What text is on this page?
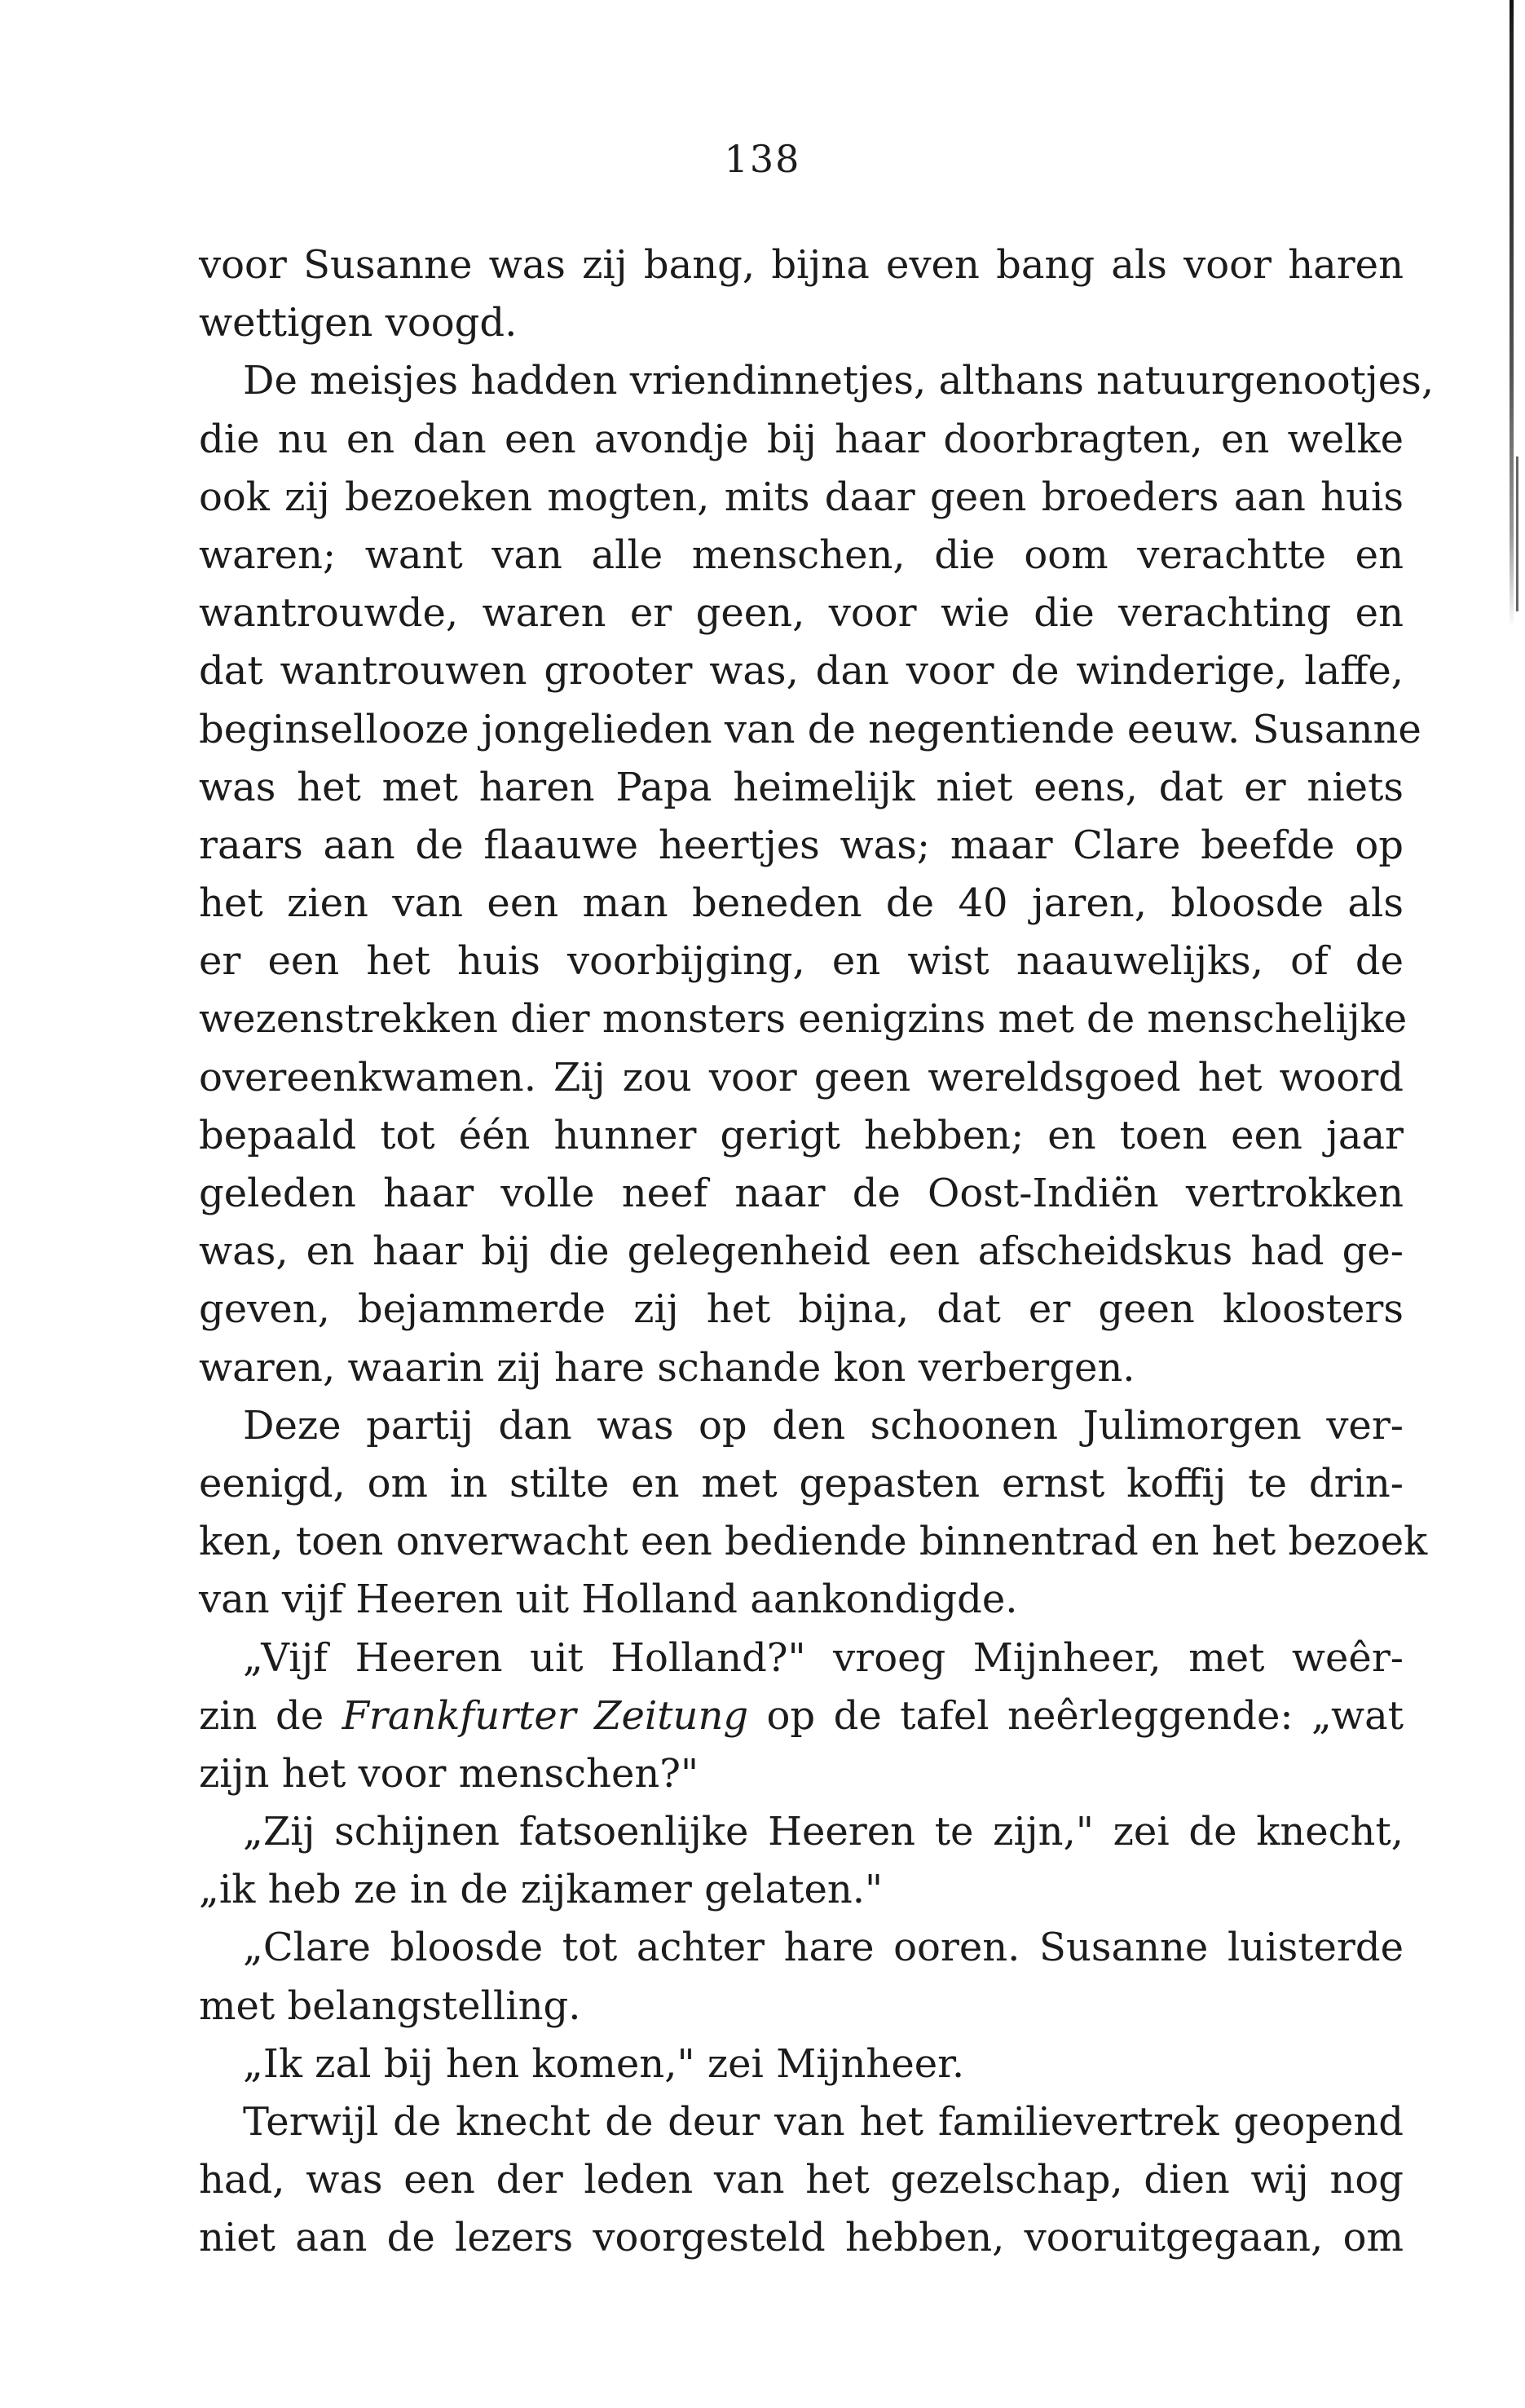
138
voor Susanne was zij bang, bijna even bang als voor haren
wettigen voogd.
De meisjes hadden vriendinnetjes, althans natuurgenootjes,
die nu en dan een avondje bij haar doorbragten, en welke
ook zij bezoeken mogten, mits daar geen broeders aan huis
waren; want van alle menschen, die oom verachtte en
wantrouwde, waren er geen, voor wie die verachting en
dat wantrouwen grooter was, dan voor de winderige, laffe,
beginsellooze jongelieden van de negentiende eeuw. Susanne
was het met haren Papa heimelijk niet eens, dat er niets
raars aan de flaauwe heertjes was; maar Clare beefde op
het zien van een man beneden de 40 jaren, bloosde als
er een het huis voorbijging, en wist naauwelijks, of de
wezenstrekken dier monsters eenigzins met de menschelijke
overeenkwamen. Zij zou voor geen wereldsgoed het woord
bepaald tot één hunner gerigt hebben; en toen een jaar
geleden haar volle neef naar de Oost-Indiën vertrokken
was, en haar bij die gelegenheid een afscheidskus had ge-
geven, bejammerde zij het bijna, dat er geen kloosters
waren, waarin zij hare schande kon verbergen.
Deze partij dan was op den schoonen Julimorgen ver-
eenigd, om in stilte en met gepasten ernst koffij te drin-
ken, toen onverwacht een bediende binnentrad en het bezoek
van vijf Heeren uit Holland aankondigde.
„Vijf Heeren uit Holland?" vroeg Mijnheer, met weêr-
zin de Frankfurter Zeitung op de tafel neêrleggende: „wat
zijn het voor menschen?"
„Zij schijnen fatsoenlijke Heeren te zijn," zei de knecht,
„ik heb ze in de zijkamer gelaten."
„Clare bloosde tot achter hare ooren. Susanne luisterde
met belangstelling.
„Ik zal bij hen komen," zei Mijnheer.
Terwijl de knecht de deur van het familievertrek geopend
had, was een der leden van het gezelschap, dien wij nog
niet aan de lezers voorgesteld hebben, vooruitgegaan, om
